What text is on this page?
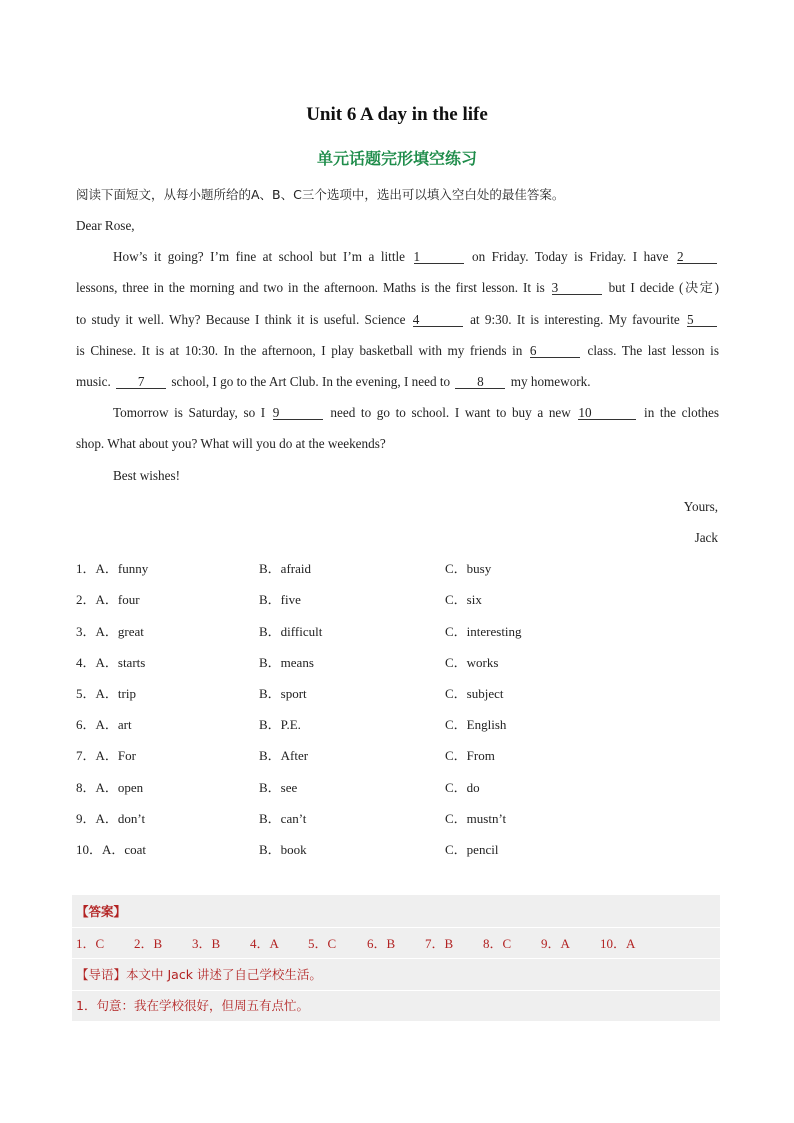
Unit 6 A day in the life
单元话题完形填空练习
阅读下面短文，从每小题所给的A、B、C三个选项中，选出可以填入空白处的最佳答案。
Dear Rose,
How’s it going? I’m fine at school but I’m a little 1	on Friday. Today is Friday. I have 2
lessons, three in the morning and two in the afternoon. Maths is the first lesson. It is 3	but I decide (决定)
to study it well. Why? Because I think it is useful. Science 4	at 9:30. It is interesting. My favourite 5
is Chinese. It is at 10:30. In the afternoon, I play basketball with my friends in 6	class. The last lesson is
music. 7 school, I go to the Art Club. In the evening, I need to 8 my homework.
Tomorrow is Saturday, so I 9	need to go to school. I want to buy a new 10	in the clothes
shop. What about you? What will you do at the weekends?
Best wishes!
Yours,
Jack
1．A．funny	B．afraid	C．busy
2．A．four	B．five	C．six
3．A．great	B．difficult	C．interesting
4．A．starts	B．means	C．works
5．A．trip	B．sport	C．subject
6．A．art	B．P.E.	C．English
7．A．For	B．After	C．From
8．A．open	B．see	C．do
9．A．don’t	B．can’t	C．mustn’t
10．A．coat	B．book	C．pencil
【答案】
1．C 2．B 3．B 4．A 5．C 6．B 7．B 8．C 9．A 10．A
【导语】本文中 Jack 讲述了自己学校生活。
1．句意：我在学校很好，但周五有点忙。
